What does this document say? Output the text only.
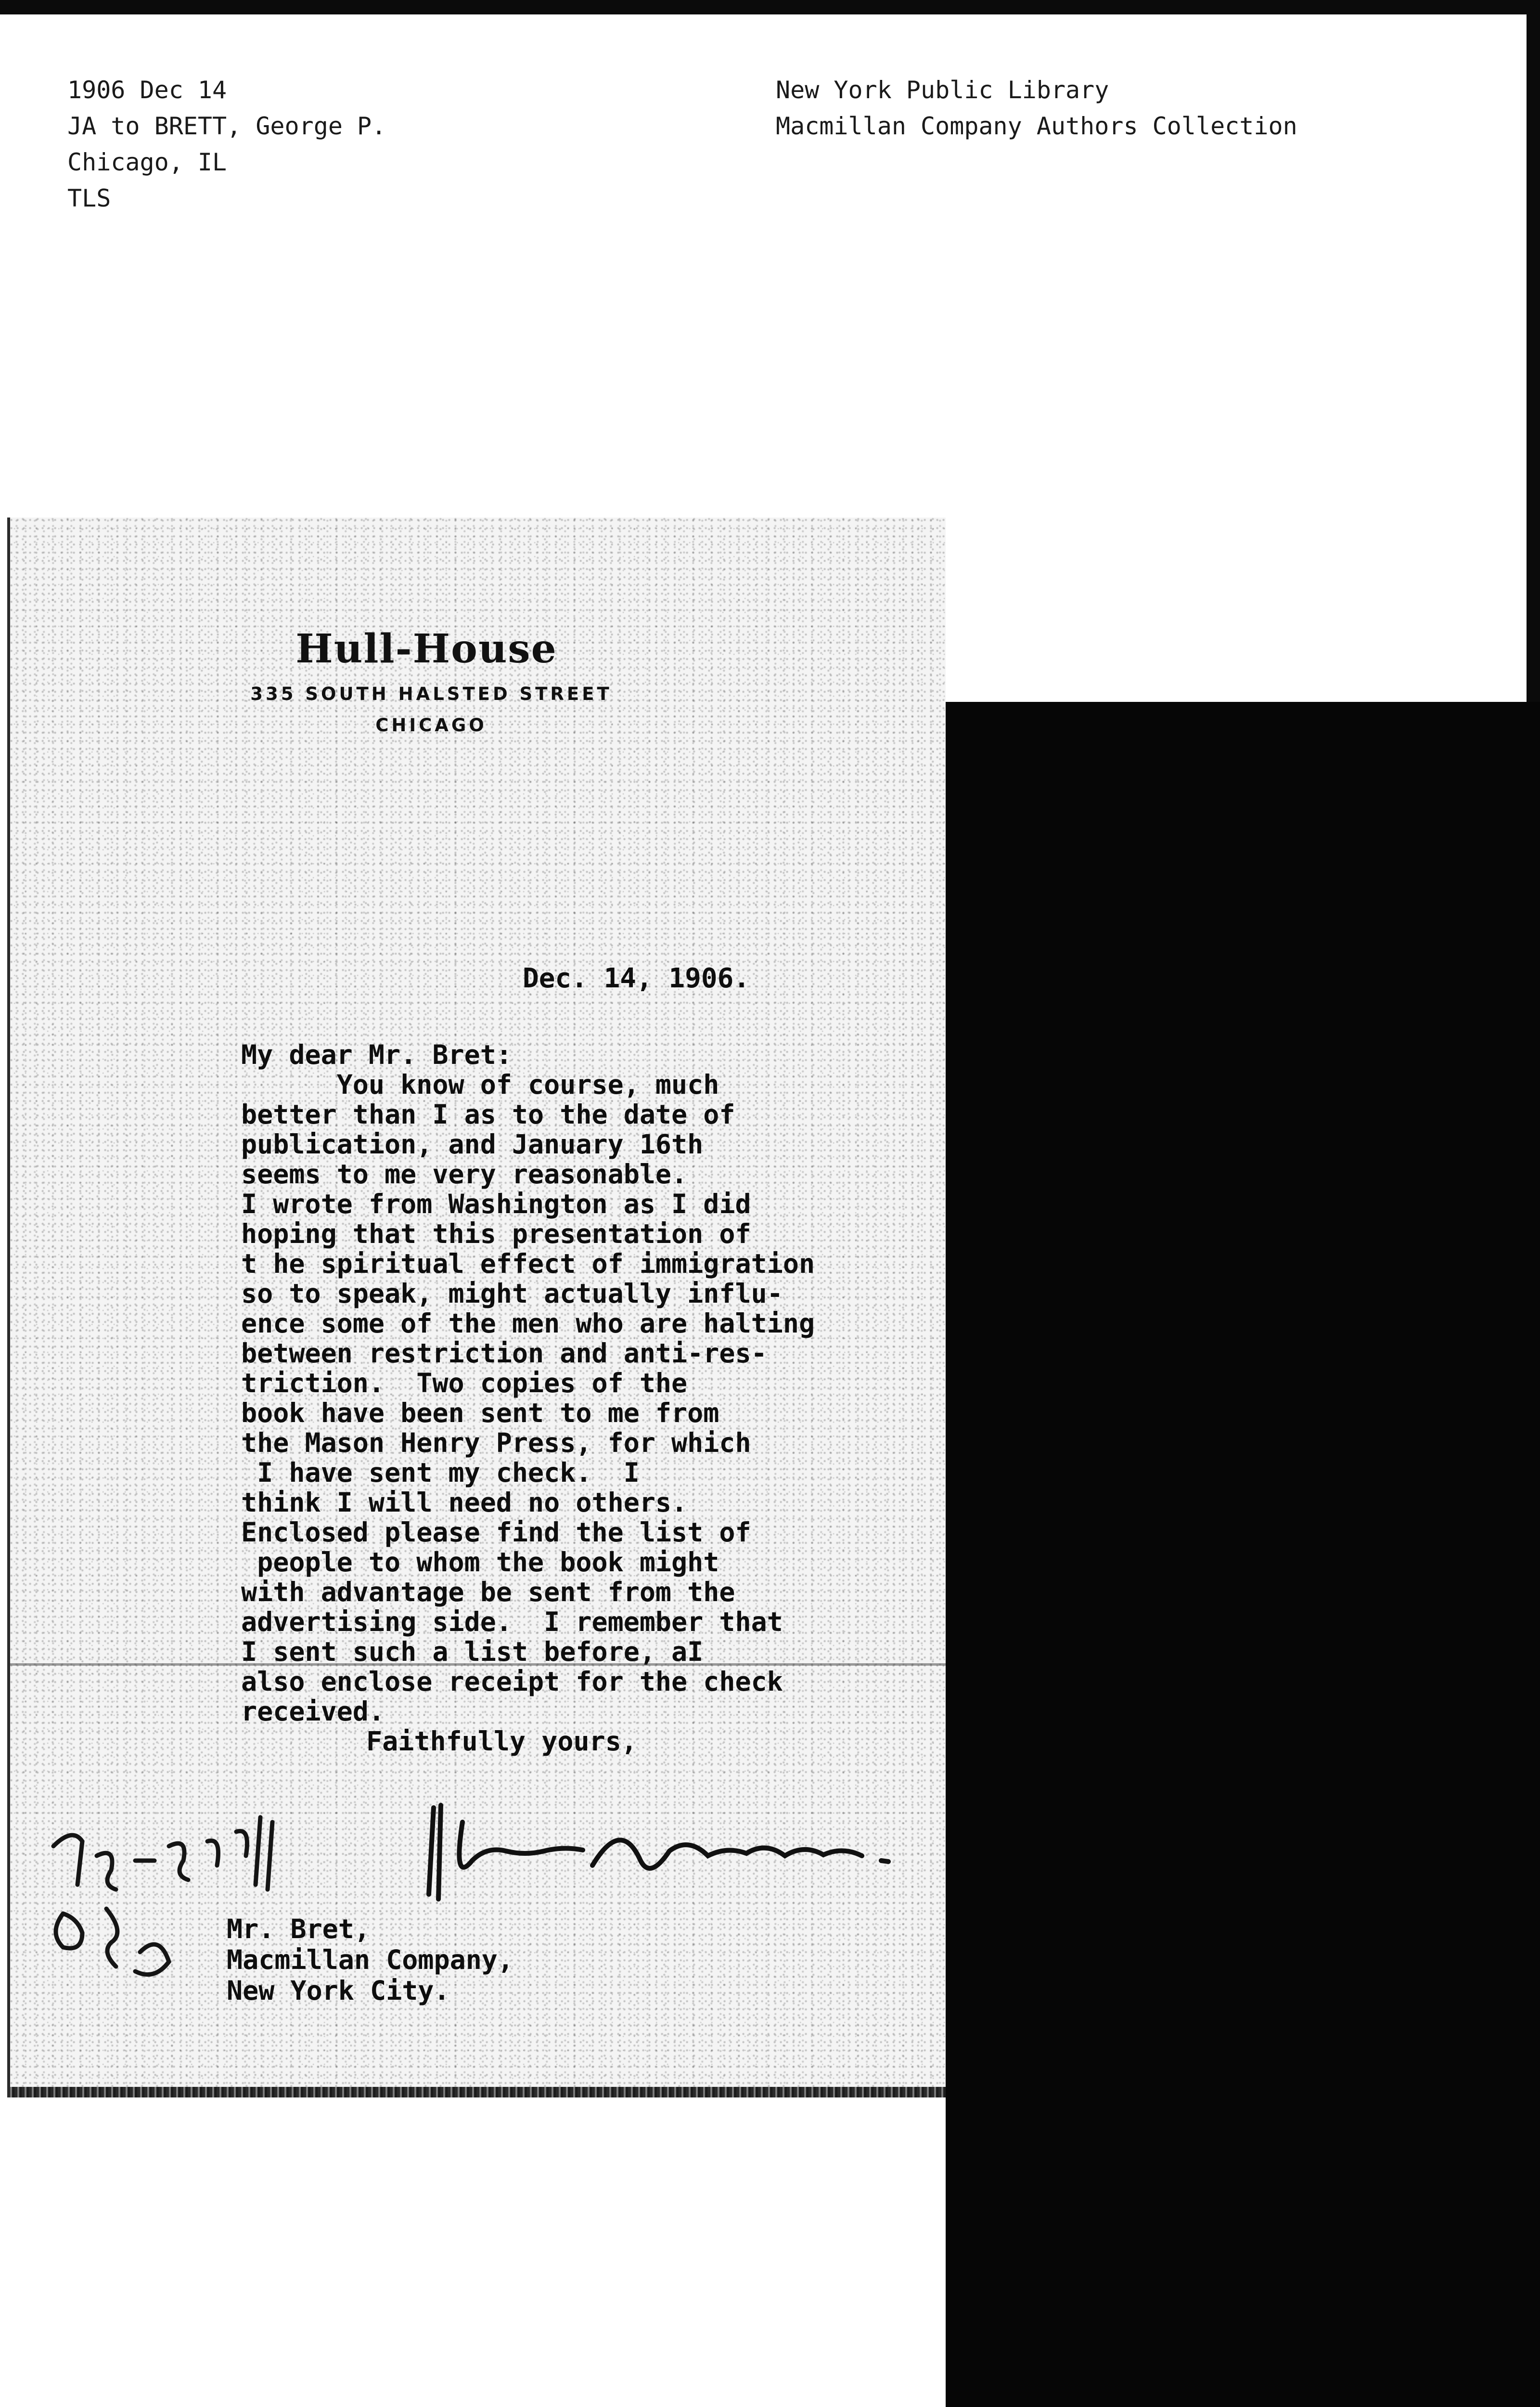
1906 Dec 14
JA to BRETT, George P.
Chicago, IL
TLS
New York Public Library
Macmillan Company Authors Collection
Hull-House
335 SOUTH HALSTED STREET
CHICAGO
Dec. 14, 1906.
My dear Mr. Bret:
You know of course, much
better than I as to the date of
publication, and January 16th
seems to me very reasonable.
I wrote from Washington as I did
hoping that this presentation of
t he spiritual effect of immigration
so to speak, might actually influ-
ence some of the men who are halting
between restriction and anti-res-
triction.  Two copies of the
book have been sent to me from
the Mason Henry Press, for which
I have sent my check.  I
think I will need no others.
Enclosed please find the list of
people to whom the book might
with advantage be sent from the
advertising side.  I remember that
I sent such a list before, aI
also enclose receipt for the check
received.
Faithfully yours,
Mr. Bret,
Macmillan Company,
New York City.
